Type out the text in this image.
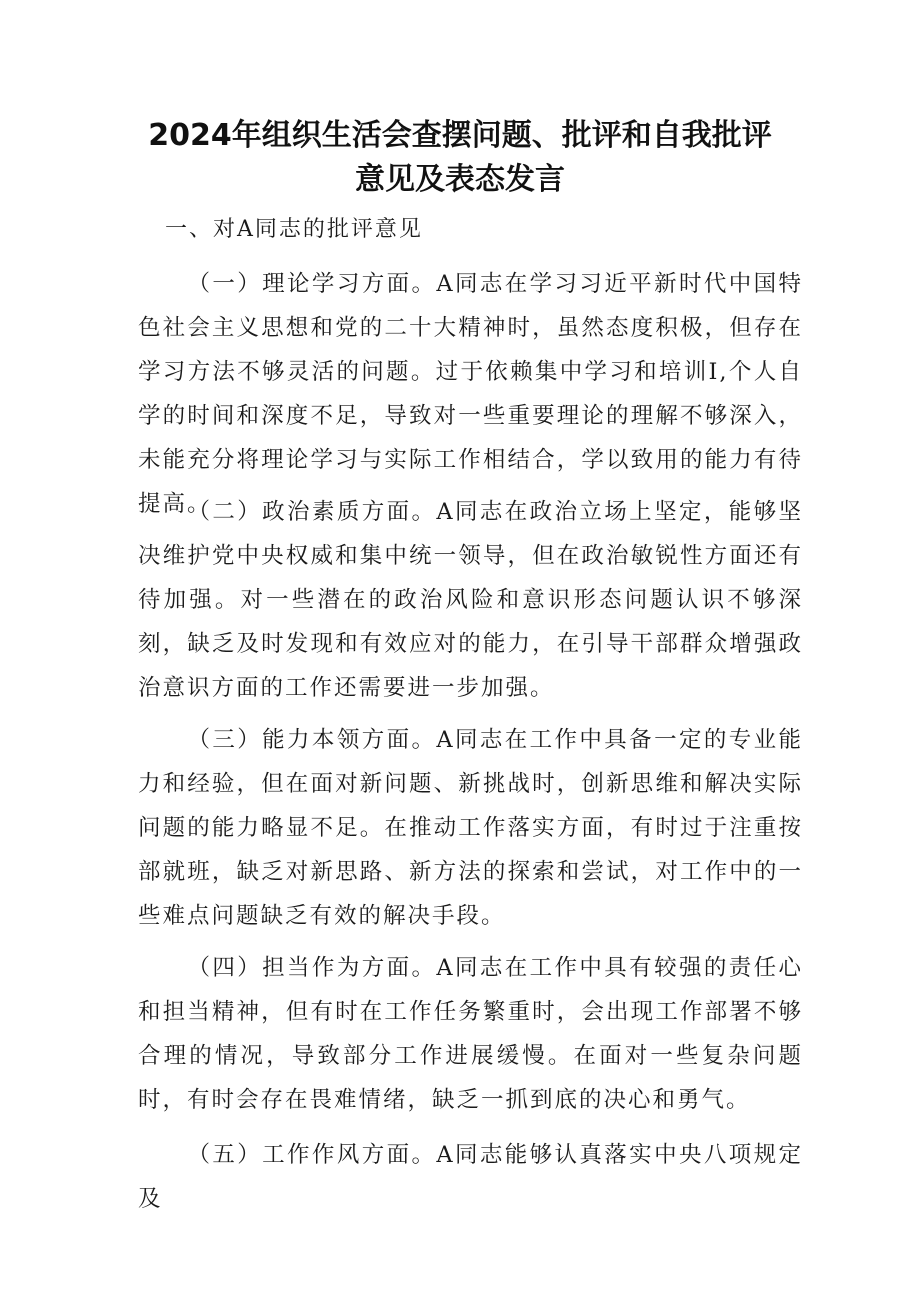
2024年组织生活会查摆问题、批评和自我批评
意见及表态发言
一、对A同志的批评意见

（一）理论学习方面。A同志在学习习近平新时代中国特色社会主义思想和党的二十大精神时，虽然态度积极，但存在学习方法不够灵活的问题。过于依赖集中学习和培训I,个人自学的时间和深度不足，导致对一些重要理论的理解不够深入，未能充分将理论学习与实际工作相结合，学以致用的能力有待提高。

（二）政治素质方面。A同志在政治立场上坚定，能够坚决维护党中央权威和集中统一领导，但在政治敏锐性方面还有待加强。对一些潜在的政治风险和意识形态问题认识不够深刻，缺乏及时发现和有效应对的能力，在引导干部群众增强政治意识方面的工作还需要进一步加强。

（三）能力本领方面。A同志在工作中具备一定的专业能力和经验，但在面对新问题、新挑战时，创新思维和解决实际问题的能力略显不足。在推动工作落实方面，有时过于注重按部就班，缺乏对新思路、新方法的探索和尝试，对工作中的一些难点问题缺乏有效的解决手段。

（四）担当作为方面。A同志在工作中具有较强的责任心和担当精神，但有时在工作任务繁重时，会出现工作部署不够合理的情况，导致部分工作进展缓慢。在面对一些复杂问题时，有时会存在畏难情绪，缺乏一抓到底的决心和勇气。

（五）工作作风方面。A同志能够认真落实中央八项规定及
